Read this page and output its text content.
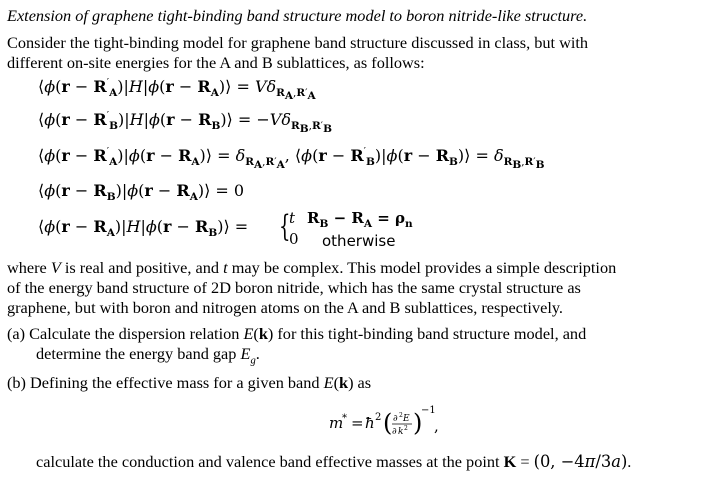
Extension of graphene tight-binding band structure model to boron nitride-like structure.
Consider the tight-binding model for graphene band structure discussed in class, but with
different on-site energies for the A and B sublattices, as follows:
⟨ϕ(r − $R'_A)|H|\phi(r$ − $R_A)⟩ = V\delta_{R_A,R'_A}$
⟨ϕ(r − $R'_B)|H|\phi(r$ − $R_B)⟩ = -V\delta_{R_B,R'_B}$
⟨ϕ(r − $R'_A)|\phi(r$ − $R_A)⟩ = \delta_{R_A,R'_A}$, ⟨ϕ(r − $R'_B)|\phi(r$ − $R_B)⟩ = \delta_{R_B,R'_B}$
⟨ϕ(r − $R_B)|\phi(r$ − $R_A)⟩ = 0$
⟨ϕ(r − $R_A)|H|\phi(r$ − $R_B)⟩$ = {
t $R_B - R_A = \rho_n$
0 otherwise
where V is real and positive, and t may be complex. This model provides a simple description
of the energy band structure of 2D boron nitride, which has the same crystal structure as
graphene, but with boron and nitrogen atoms on the A and B sublattices, respectively.
(a) Calculate the dispersion relation E(k) for this tight-binding band structure model, and
determine the energy band gap $E_g$.
(b) Defining the effective mass for a given band E(k) as
m
* = ħ 2 ( ∂ 2 E
∂ k 2 )
−1
,
calculate the conduction and valence band effective masses at the point K = (0, −4π/3a).
